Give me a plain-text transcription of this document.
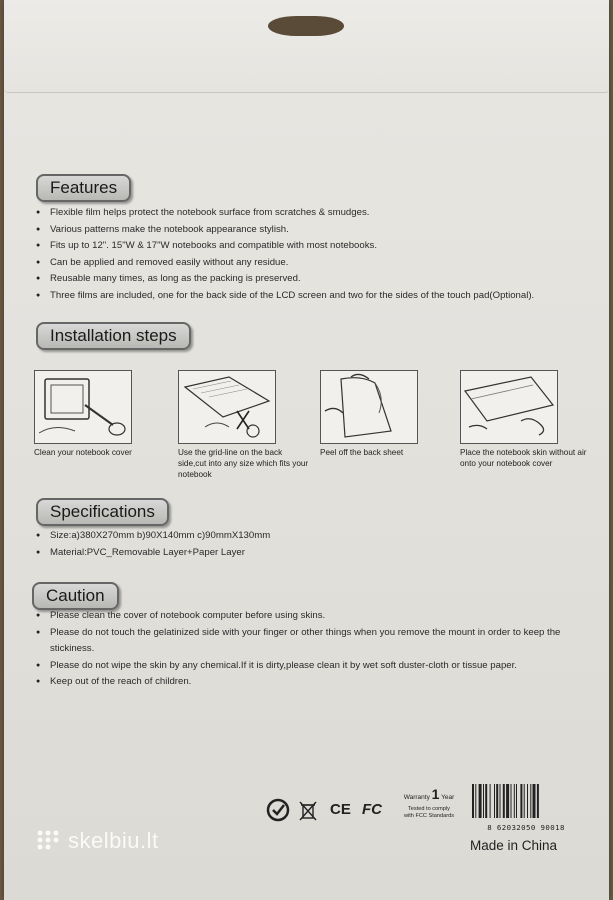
Features
● Flexible film helps protect the notebook surface from scratches & smudges.
● Various patterns make the notebook appearance stylish.
● Fits up to 12". 15"W & 17"W notebooks and compatible with most notebooks.
● Can be applied and removed easily without any residue.
● Reusable many times, as long as the packing is preserved.
● Three films are included, one for the back side of the LCD screen and two for the sides of the touch pad(Optional).
Installation steps
Clean your notebook cover	Use the grid-line on the back side,cut into any size which fits your notebook
Peel off the back sheet	Place the notebook skin without air onto your notebook cover
Specifications
● Size:a)380X270mm b)90X140mm c)90mmX130mm
● Material:PVC_Removable Layer+Paper Layer
Caution
● Please clean the cover of notebook computer before using skins.
● Please do not touch the gelatinized side with your finger or other things when you remove the mount in order to keep the stickiness.
● Please do not wipe the skin by any chemical.If it is dirty,please clean it by wet soft duster-cloth or tissue paper.
● Keep out of the reach of children.
CE FC
Warranty 1 Year
Tested to comply
with FCC Standards
8 62032050 90018
Made in China
skelbiu.lt
